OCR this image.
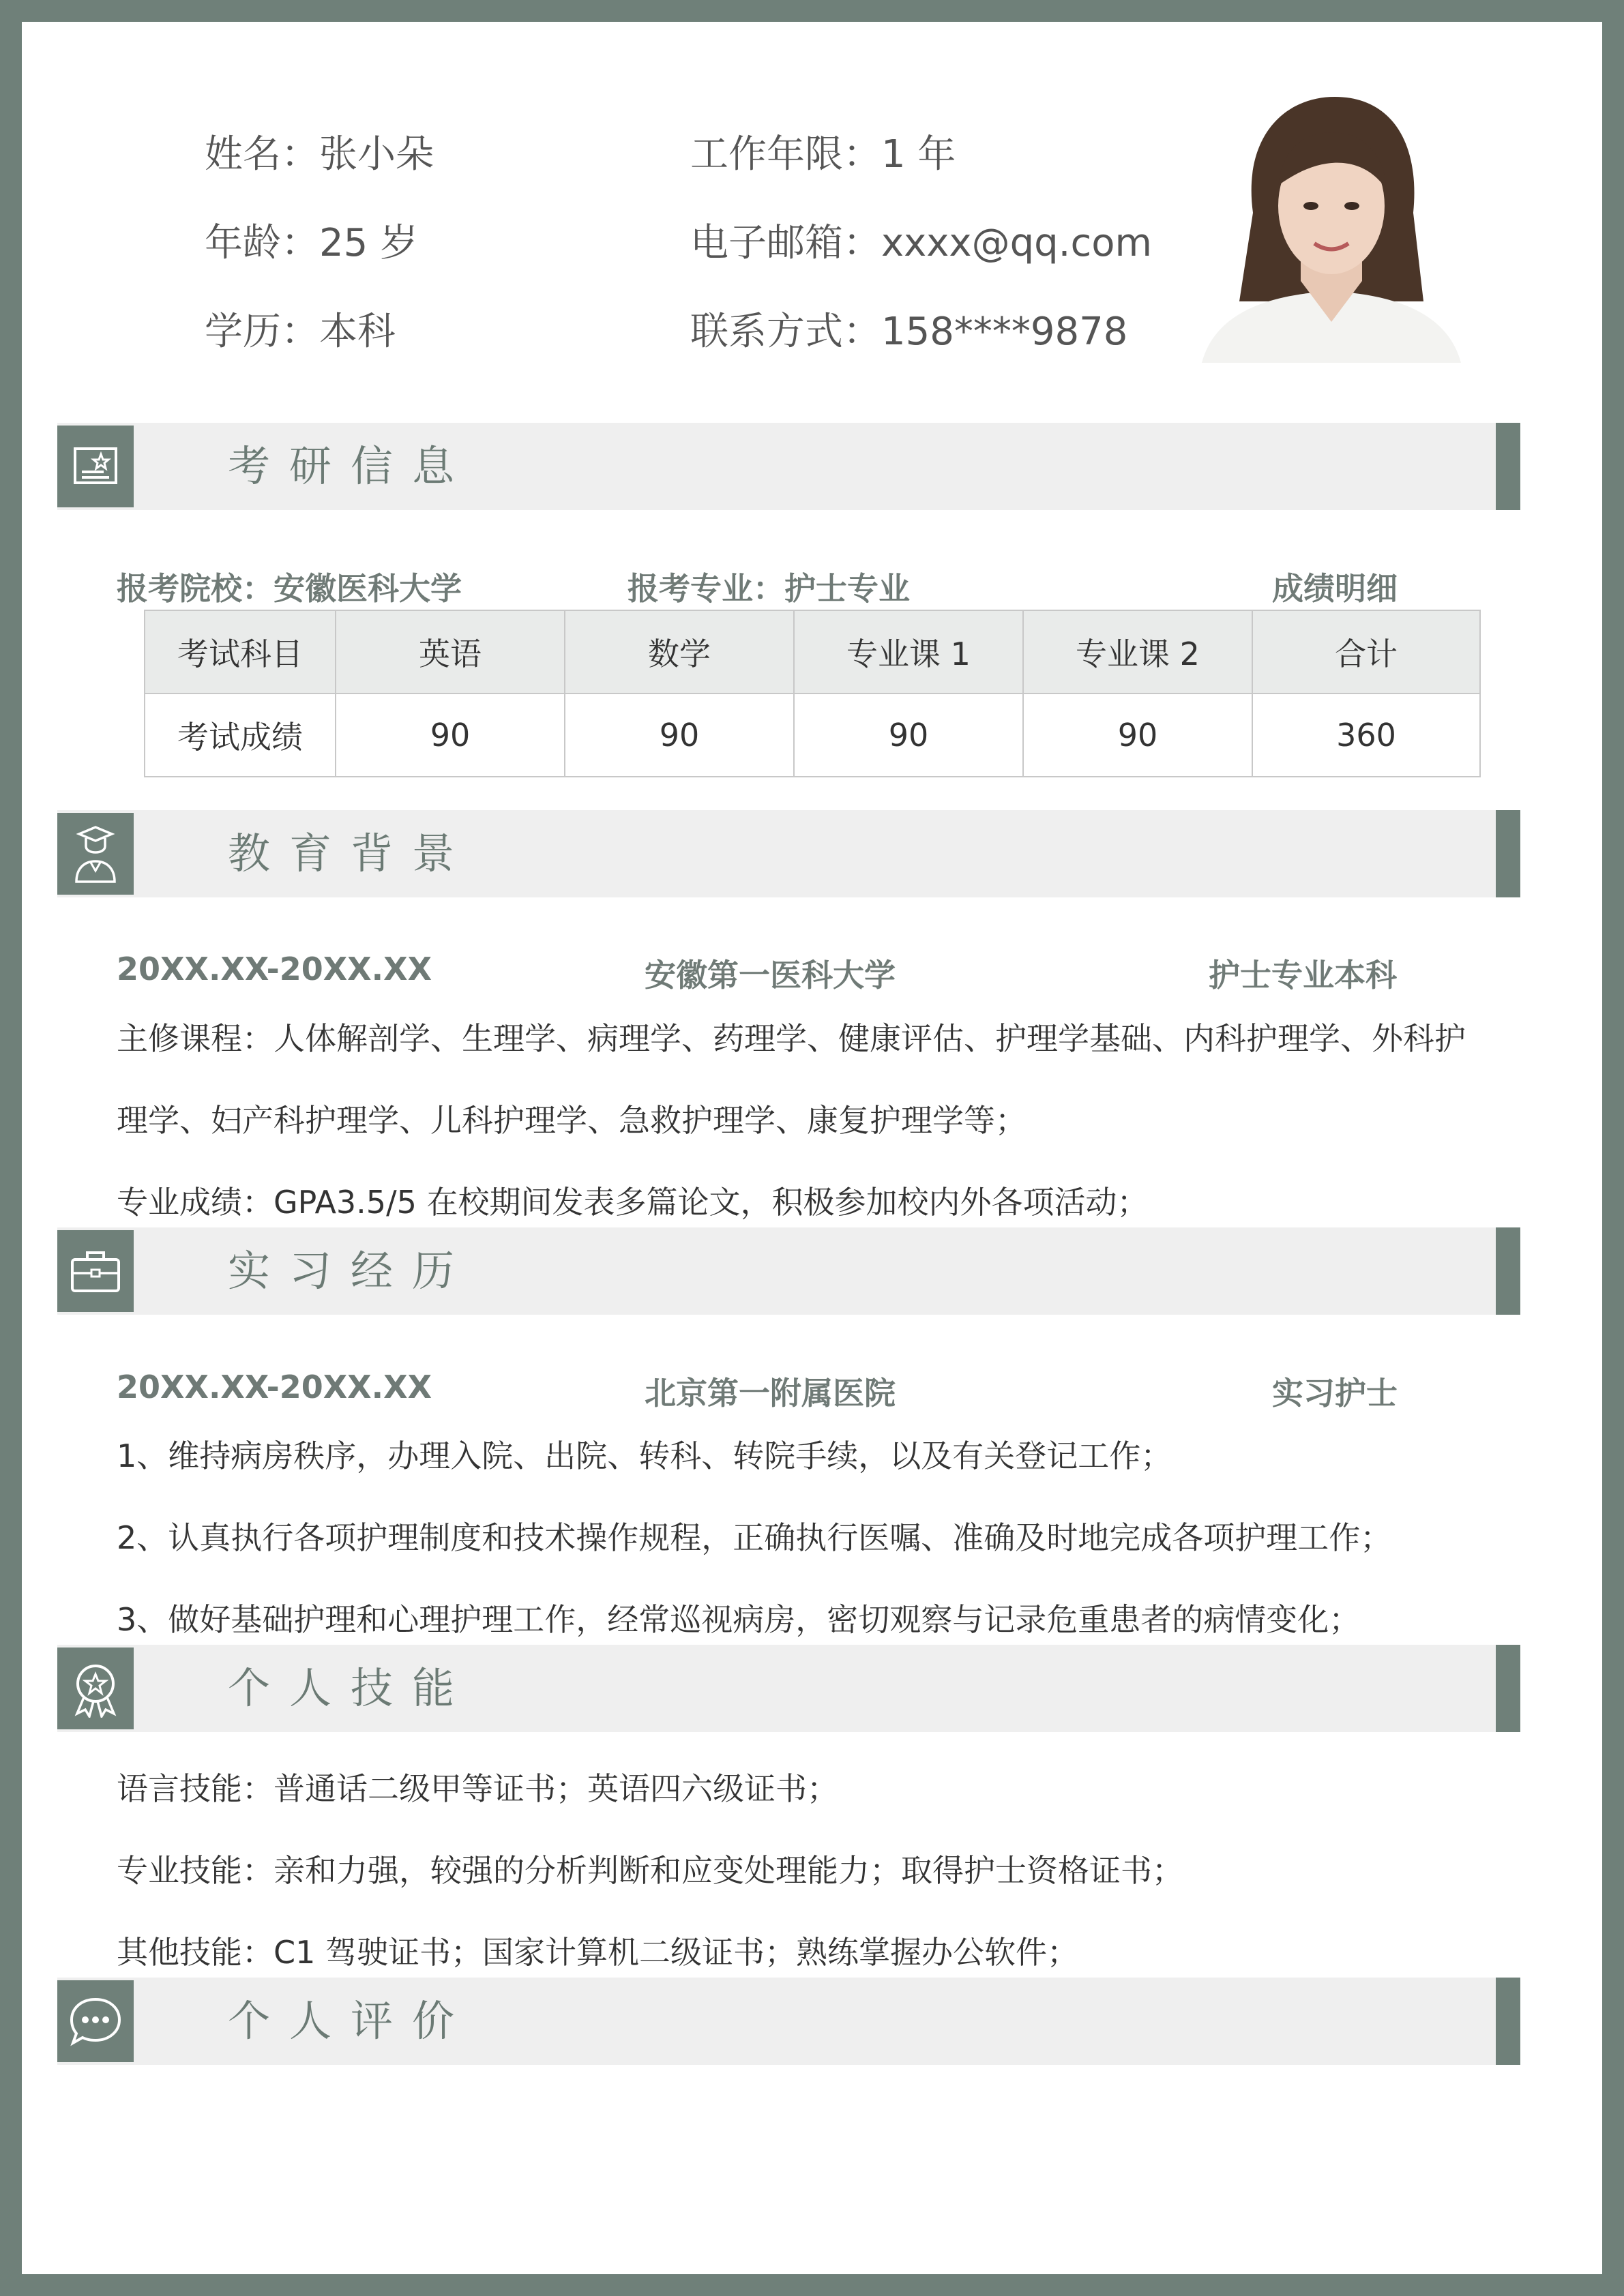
姓名：张小朵
年龄：25 岁
学历：本科
工作年限：1 年
电子邮箱：xxxx@qq.com
联系方式：158****9878
考研信息
报考院校：安徽医科大学	报考专业：护士专业	成绩明细
考试科目	英语	数学	专业课 1	专业课 2	合计
考试成绩	90	90	90	90	360
教育背景
20XX.XX-20XX.XX	安徽第一医科大学	护士专业本科
主修课程：人体解剖学、生理学、病理学、药理学、健康评估、护理学基础、内科护理学、外科护
理学、妇产科护理学、儿科护理学、急救护理学、康复护理学等；
专业成绩：GPA3.5/5 在校期间发表多篇论文，积极参加校内外各项活动；
实习经历
20XX.XX-20XX.XX	北京第一附属医院	实习护士
1、维持病房秩序，办理入院、出院、转科、转院手续，以及有关登记工作；
2、认真执行各项护理制度和技术操作规程，正确执行医嘱、准确及时地完成各项护理工作；
3、做好基础护理和心理护理工作，经常巡视病房，密切观察与记录危重患者的病情变化；
个人技能
语言技能：普通话二级甲等证书；英语四六级证书；
专业技能：亲和力强，较强的分析判断和应变处理能力；取得护士资格证书；
其他技能：C1 驾驶证书；国家计算机二级证书；熟练掌握办公软件；
个人评价
